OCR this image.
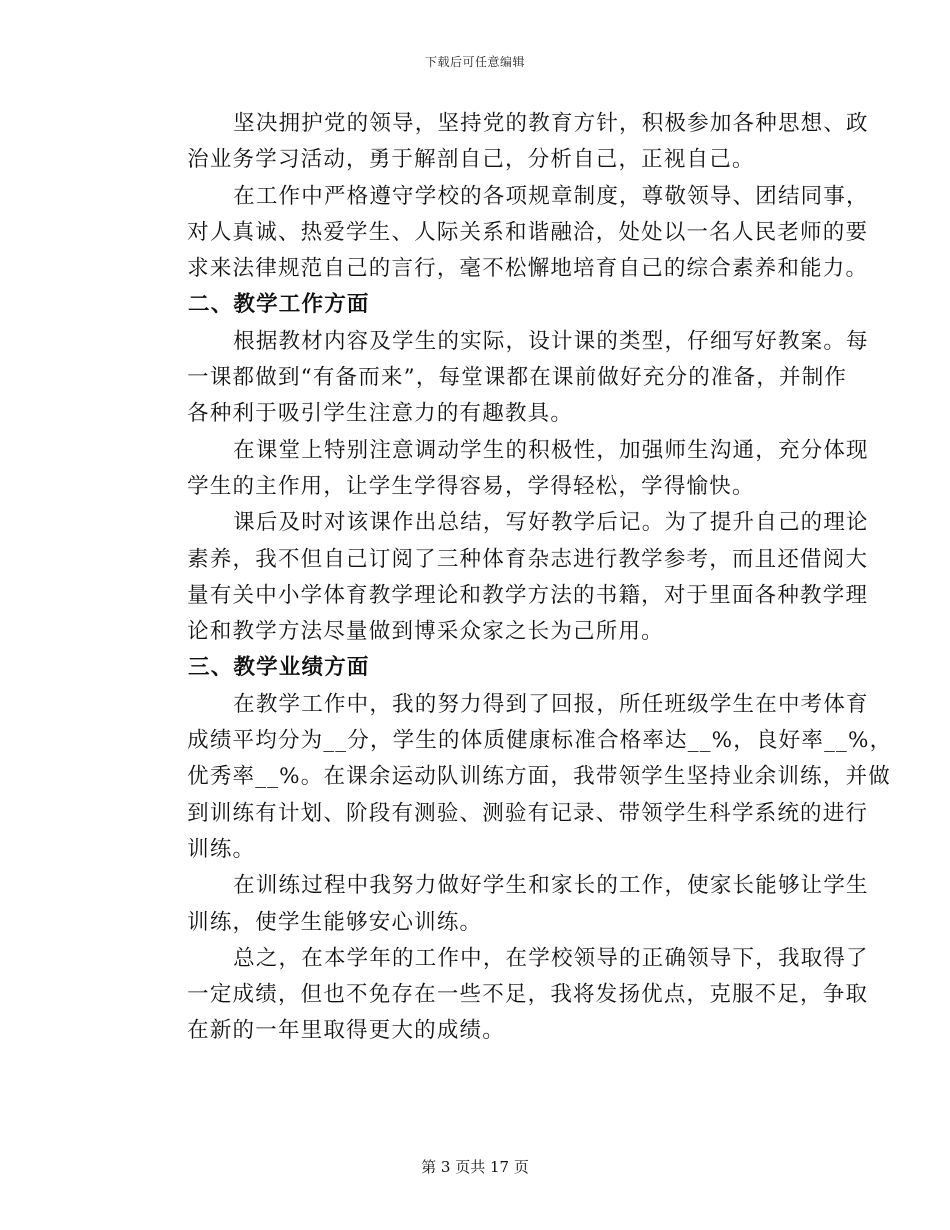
下载后可任意编辑
坚决拥护党的领导，坚持党的教育方针，积极参加各种思想、政
治业务学习活动，勇于解剖自己，分析自己，正视自己。
在工作中严格遵守学校的各项规章制度，尊敬领导、团结同事，
对人真诚、热爱学生、人际关系和谐融洽，处处以一名人民老师的要
求来法律规范自己的言行，毫不松懈地培育自己的综合素养和能力。
二、教学工作方面
根据教材内容及学生的实际，设计课的类型，仔细写好教案。每
一课都做到“有备而来”，每堂课都在课前做好充分的准备，并制作
各种利于吸引学生注意力的有趣教具。
在课堂上特别注意调动学生的积极性，加强师生沟通，充分体现
学生的主作用，让学生学得容易，学得轻松，学得愉快。
课后及时对该课作出总结，写好教学后记。为了提升自己的理论
素养，我不但自己订阅了三种体育杂志进行教学参考，而且还借阅大
量有关中小学体育教学理论和教学方法的书籍，对于里面各种教学理
论和教学方法尽量做到博采众家之长为己所用。
三、教学业绩方面
在教学工作中，我的努力得到了回报，所任班级学生在中考体育
成绩平均分为__分，学生的体质健康标准合格率达__%，良好率__%，
优秀率__%。在课余运动队训练方面，我带领学生坚持业余训练，并做
到训练有计划、阶段有测验、测验有记录、带领学生科学系统的进行
训练。
在训练过程中我努力做好学生和家长的工作，使家长能够让学生
训练，使学生能够安心训练。
总之，在本学年的工作中，在学校领导的正确领导下，我取得了
一定成绩，但也不免存在一些不足，我将发扬优点，克服不足，争取
在新的一年里取得更大的成绩。
第 3 页共 17 页
